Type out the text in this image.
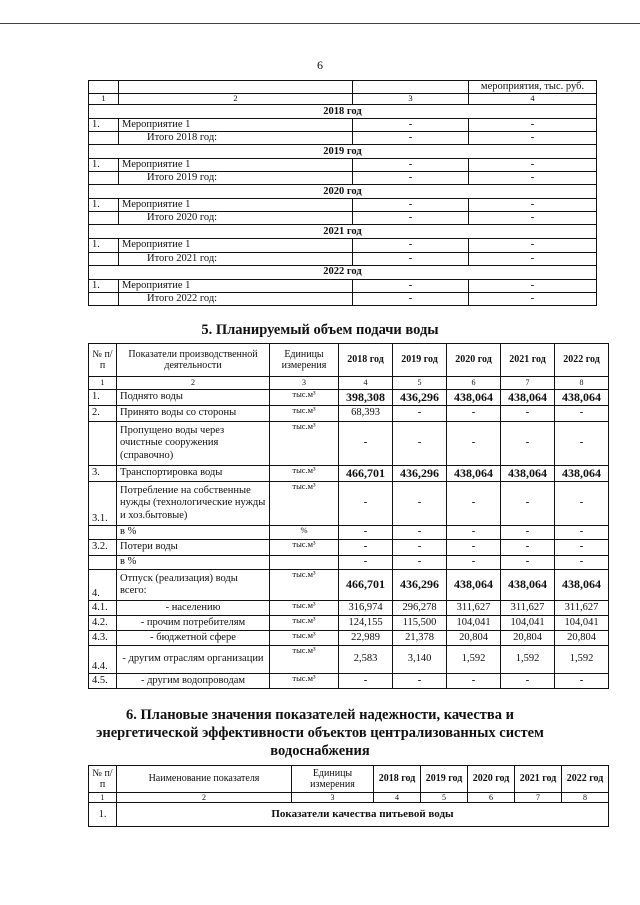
6
			мероприятия, тыс. руб.
1	2	3	4
2018 год			
1.	Мероприятие 1	-	-
	Итого 2018 год:	-	-
2019 год			
1.	Мероприятие 1	-	-
	Итого 2019 год:	-	-
2020 год			
1.	Мероприятие 1	-	-
	Итого 2020 год:	-	-
2021 год			
1.	Мероприятие 1	-	-
	Итого 2021 год:	-	-
2022 год			
1.	Мероприятие 1	-	-
	Итого 2022 год:	-	-
5. Планируемый объем подачи воды
№ п/п	Показатели производственной деятельности	Единицы измерения	2018 год	2019 год	2020 год	2021 год	2022 год
1	2	3	4	5	6	7	8
1.	Поднято воды	тыс.м³	398,308	436,296	438,064	438,064	438,064
2.	Принято воды со стороны	тыс.м³	68,393	-	-	-	-
	Пропущено воды через очистные сооружения (справочно)	тыс.м³	-	-	-	-	-
3.	Транспортировка воды	тыс.м³	466,701	436,296	438,064	438,064	438,064
3.1.	Потребление на собственные нужды (технологические нужды и хоз.бытовые)	тыс.м³	-	-	-	-	-
	в %	%	-	-	-	-	-
3.2.	Потери воды	тыс.м³	-	-	-	-	-
	в %		-	-	-	-	-
4.	Отпуск (реализация) воды всего:	тыс.м³	466,701	436,296	438,064	438,064	438,064
4.1.	- населению	тыс.м³	316,974	296,278	311,627	311,627	311,627
4.2.	- прочим потребителям	тыс.м³	124,155	115,500	104,041	104,041	104,041
4.3.	- бюджетной сфере	тыс.м³	22,989	21,378	20,804	20,804	20,804
4.4.	- другим отраслям организации	тыс.м³	2,583	3,140	1,592	1,592	1,592
4.5.	- другим водопроводам	тыс.м³	-	-	-	-	-
6. Плановые значения показателей надежности, качества и
энергетической эффективности объектов централизованных систем
водоснабжения
№ п/п	Наименование показателя	Единицы измерения	2018 год	2019 год	2020 год	2021 год	2022 год
1	2	3	4	5	6	7	8
1.	Показатели качества питьевой воды						
